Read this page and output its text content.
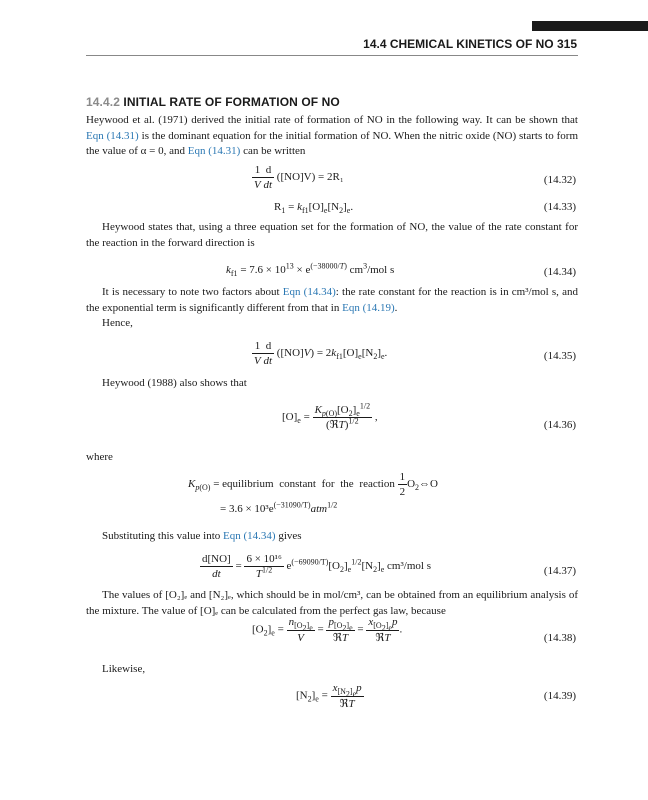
14.4 CHEMICAL KINETICS OF NO 315
14.4.2 INITIAL RATE OF FORMATION OF NO
Heywood et al. (1971) derived the initial rate of formation of NO in the following way. It can be shown that Eqn (14.31) is the dominant equation for the initial formation of NO. When the nitric oxide (NO) starts to form the value of α = 0, and Eqn (14.31) can be written
$\frac{1 d}{\text{V dt}} ([NO]V) = 2R_1$	(14.32)
$R_1 = k_{f1}[O]_e[N_2]_e$.	(14.33)
Heywood states that, using a three equation set for the formation of NO, the value of the rate constant for the reaction in the forward direction is
$k_{f1} = 7.6 \times 10^{13} \times e^{(-38000/T)}$ $cm^3$/mol s	(14.34)
It is necessary to note two factors about Eqn (14.34): the rate constant for the reaction is in cm³/mol s, and the exponential term is significantly different from that in Eqn (14.19).
Hence,
$\frac{1 d}{\text{V dt}} ([NO]V) = 2k_{f1}[O]_e[N_2]_e$.	(14.35)
Heywood (1988) also shows that
$[O]_e = \frac{K_{p(O)}[O_2]_e^{1/2}}{(ℜT)^{1/2}}$ ,
(14.36)
where
$K_{p(O)}$ = equilibrium constant for the reaction $\frac{1}{2}$ $O_2\Leftrightarrow O$
= $3.6 \times 10^3e^{(-31090/T)}atm^{1/2}$
Substituting this value into Eqn (14.34) gives
$\frac{d[NO]}{dt} = \frac{\text{6 × 10¹⁶}}{T^{1/2}} e^{(-69090/T)}[O_2]_e^{1/2}[N_2]_e$ cm³/mol s	(14.37)
The values of [O₂]ₑ and [N₂]ₑ, which should be in mol/cm³, can be obtained from an equilibrium analysis of the mixture. The value of [O]ₑ can be calculated from the perfect gas law, because
$[O_2]_e = \frac{n_{[O_2]_e}}{V} = \frac{p_{[O_2]_e}}{\text{ℜT}} = \frac{x_{[O_2]_e}p}{\text{ℜT}}$ .
(14.38)
Likewise,
$[N_2]_e = \frac{x_{[N_2]_e}p}{\text{ℜT}}$	(14.39)
